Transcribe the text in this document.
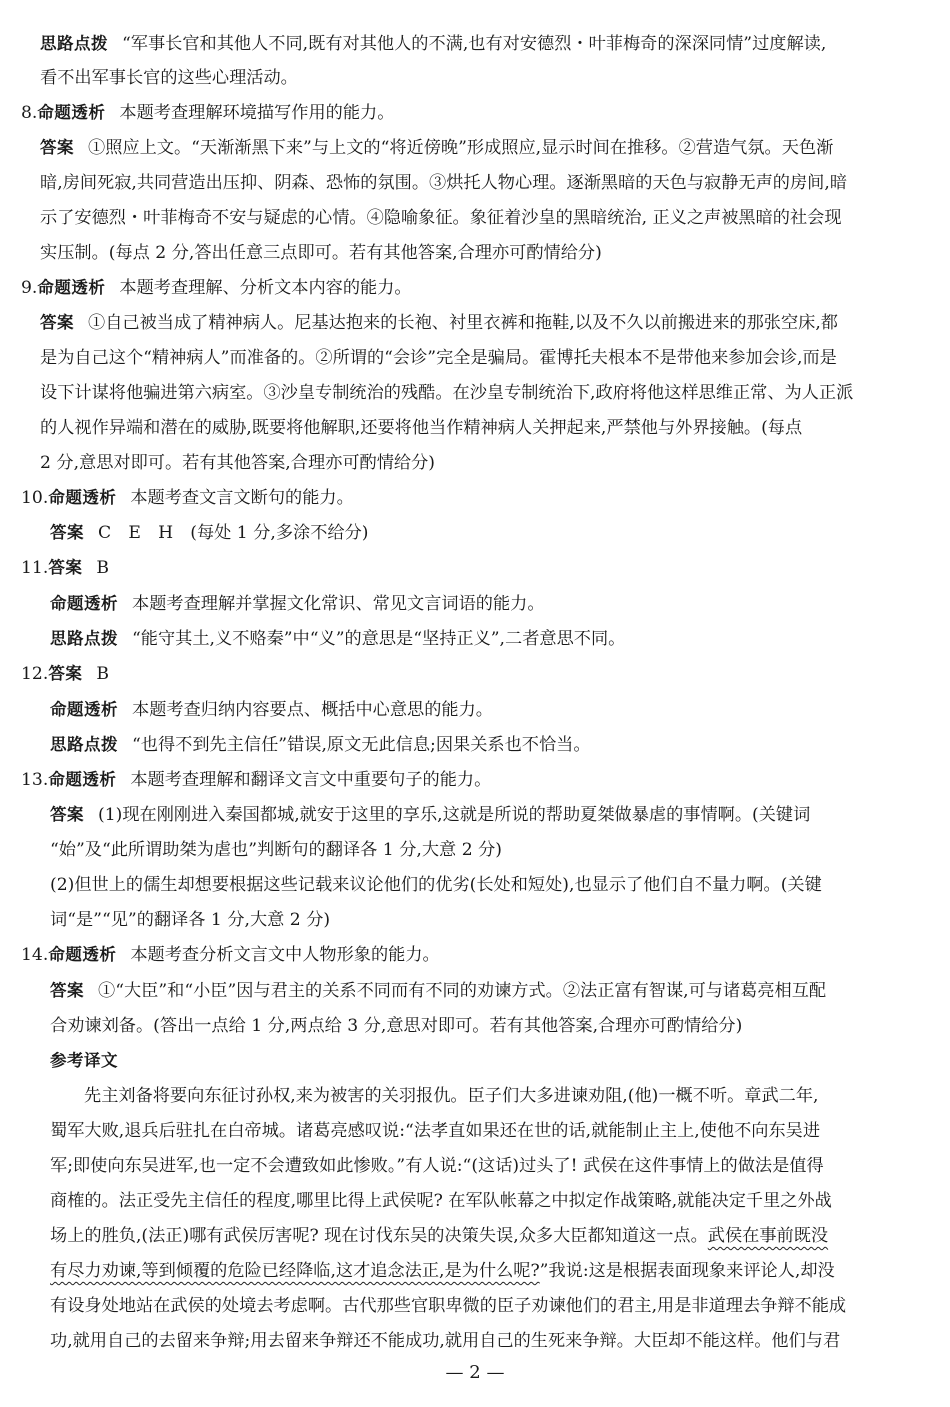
思路点拨 “军事长官和其他人不同,既有对其他人的不满,也有对安德烈・叶菲梅奇的深深同情”过度解读,
看不出军事长官的这些心理活动。
8.命题透析 本题考查理解环境描写作用的能力。
答案 ①照应上文。“天渐渐黑下来”与上文的“将近傍晚”形成照应,显示时间在推移。②营造气氛。天色渐
暗,房间死寂,共同营造出压抑、阴森、恐怖的氛围。③烘托人物心理。逐渐黑暗的天色与寂静无声的房间,暗
示了安德烈・叶菲梅奇不安与疑虑的心情。④隐喻象征。象征着沙皇的黑暗统治, 正义之声被黑暗的社会现
实压制。(每点 2 分,答出任意三点即可。若有其他答案,合理亦可酌情给分)
9.命题透析 本题考查理解、分析文本内容的能力。
答案 ①自己被当成了精神病人。尼基达抱来的长袍、衬里衣裤和拖鞋,以及不久以前搬进来的那张空床,都
是为自己这个“精神病人”而准备的。②所谓的“会诊”完全是骗局。霍博托夫根本不是带他来参加会诊,而是
设下计谋将他骗进第六病室。③沙皇专制统治的残酷。在沙皇专制统治下,政府将他这样思维正常、为人正派
的人视作异端和潜在的威胁,既要将他解职,还要将他当作精神病人关押起来,严禁他与外界接触。(每点
2 分,意思对即可。若有其他答案,合理亦可酌情给分)
10.命题透析 本题考查文言文断句的能力。
答案 C　E　H　(每处 1 分,多涂不给分)
11.答案 B
命题透析 本题考查理解并掌握文化常识、常见文言词语的能力。
思路点拨 “能守其土,义不赂秦”中“义”的意思是“坚持正义”,二者意思不同。
12.答案 B
命题透析 本题考查归纳内容要点、概括中心意思的能力。
思路点拨 “也得不到先主信任”错误,原文无此信息;因果关系也不恰当。
13.命题透析 本题考查理解和翻译文言文中重要句子的能力。
答案 (1)现在刚刚进入秦国都城,就安于这里的享乐,这就是所说的帮助夏桀做暴虐的事情啊。(关键词
“始”及“此所谓助桀为虐也”判断句的翻译各 1 分,大意 2 分)
(2)但世上的儒生却想要根据这些记载来议论他们的优劣(长处和短处),也显示了他们自不量力啊。(关键
词“是”“见”的翻译各 1 分,大意 2 分)
14.命题透析 本题考查分析文言文中人物形象的能力。
答案 ①“大臣”和“小臣”因与君主的关系不同而有不同的劝谏方式。②法正富有智谋,可与诸葛亮相互配
合劝谏刘备。(答出一点给 1 分,两点给 3 分,意思对即可。若有其他答案,合理亦可酌情给分)
参考译文
先主刘备将要向东征讨孙权,来为被害的关羽报仇。臣子们大多进谏劝阻,(他)一概不听。章武二年,
蜀军大败,退兵后驻扎在白帝城。诸葛亮感叹说:“法孝直如果还在世的话,就能制止主上,使他不向东吴进
军;即使向东吴进军,也一定不会遭致如此惨败。”有人说:“(这话)过头了! 武侯在这件事情上的做法是值得
商榷的。法正受先主信任的程度,哪里比得上武侯呢? 在军队帐幕之中拟定作战策略,就能决定千里之外战
场上的胜负,(法正)哪有武侯厉害呢? 现在讨伐东吴的决策失误,众多大臣都知道这一点。武侯在事前既没
有尽力劝谏,等到倾覆的危险已经降临,这才追念法正,是为什么呢?”我说:这是根据表面现象来评论人,却没
有设身处地站在武侯的处境去考虑啊。古代那些官职卑微的臣子劝谏他们的君主,用是非道理去争辩不能成
功,就用自己的去留来争辩;用去留来争辩还不能成功,就用自己的生死来争辩。大臣却不能这样。他们与君
— 2 —
